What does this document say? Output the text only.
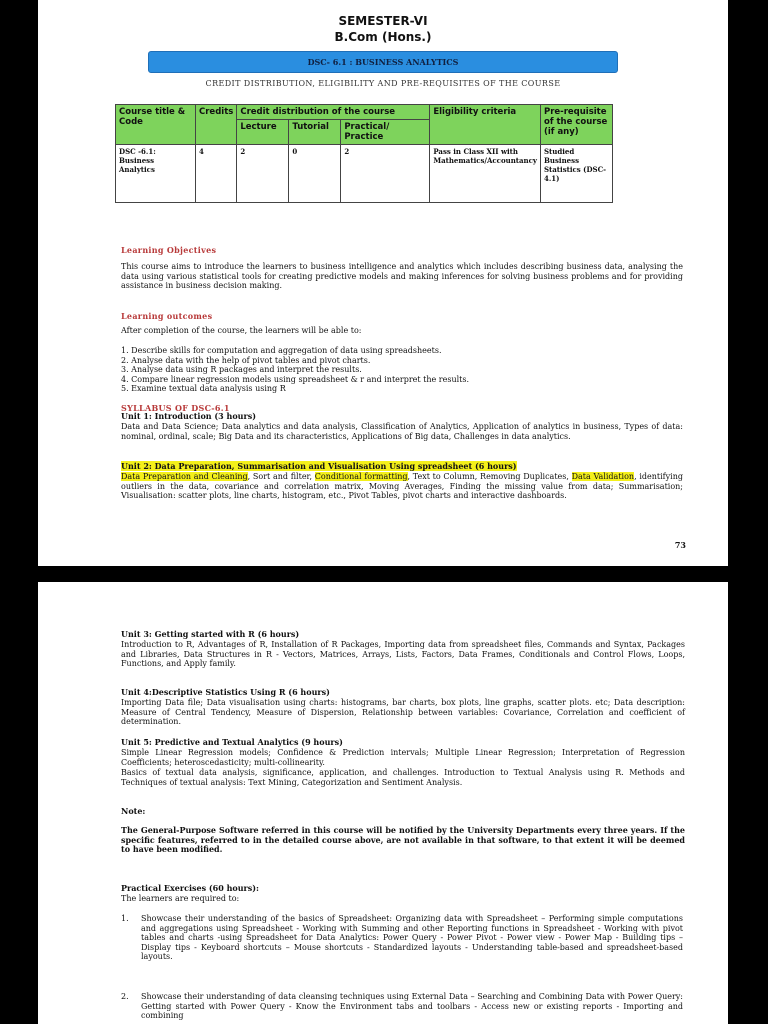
SEMESTER-VI
B.Com (Hons.)
DSC- 6.1 : BUSINESS ANALYTICS
CREDIT DISTRIBUTION, ELIGIBILITY AND PRE-REQUISITES OF THE COURSE
Course title & Code	Credits	Credit distribution of the course			Eligibility criteria	Pre-requisite of the course (if any)
		Lecture	Tutorial	Practical/ Practice		
DSC -6.1: Business Analytics	4	2	0	2	Pass in Class XII with Mathematics/Accountancy	Studied Business Statistics (DSC-4.1)
Learning Objectives
This course aims to introduce the learners to business intelligence and analytics which includes describing business data, analysing the data using various statistical tools for creating predictive models and making inferences for solving business problems and for providing assistance in business decision making.
Learning outcomes
After completion of the course, the learners will be able to:
1. Describe skills for computation and aggregation of data using spreadsheets.
2. Analyse data with the help of pivot tables and pivot charts.
3. Analyse data using R packages and interpret the results.
4. Compare linear regression models using spreadsheet & r and interpret the results.
5. Examine textual data analysis using R
SYLLABUS OF DSC-6.1
Unit 1: Introduction (3 hours)
Data and Data Science; Data analytics and data analysis, Classification of Analytics, Application of analytics in business, Types of data: nominal, ordinal, scale; Big Data and its characteristics, Applications of Big data, Challenges in data analytics.
Unit 2: Data Preparation, Summarisation and Visualisation Using spreadsheet (6 hours)
Data Preparation and Cleaning, Sort and filter, Conditional formatting, Text to Column, Removing Duplicates, Data Validation, identifying outliers in the data, covariance and correlation matrix, Moving Averages, Finding the missing value from data; Summarisation; Visualisation: scatter plots, line charts, histogram, etc., Pivot Tables, pivot charts and interactive dashboards.
73
Unit 3: Getting started with R (6 hours)
Introduction to R, Advantages of R, Installation of R Packages, Importing data from spreadsheet files, Commands and Syntax, Packages and Libraries, Data Structures in R - Vectors, Matrices, Arrays, Lists, Factors, Data Frames, Conditionals and Control Flows, Loops, Functions, and Apply family.
Unit 4:Descriptive Statistics Using R (6 hours)
Importing Data file; Data visualisation using charts: histograms, bar charts, box plots, line graphs, scatter plots. etc; Data description: Measure of Central Tendency, Measure of Dispersion, Relationship between variables: Covariance, Correlation and coefficient of determination.
Unit 5: Predictive and Textual Analytics (9 hours)
Simple Linear Regression models; Confidence & Prediction intervals; Multiple Linear Regression; Interpretation of Regression Coefficients; heteroscedasticity; multi-collinearity.
Basics of textual data analysis, significance, application, and challenges. Introduction to Textual Analysis using R. Methods and Techniques of textual analysis: Text Mining, Categorization and Sentiment Analysis.
Note:
The General-Purpose Software referred in this course will be notified by the University Departments every three years. If the specific features, referred to in the detailed course above, are not available in that software, to that extent it will be deemed to have been modified.
Practical Exercises (60 hours):
The learners are required to:
1. Showcase their understanding of the basics of Spreadsheet: Organizing data with Spreadsheet – Performing simple computations and aggregations using Spreadsheet - Working with Summing and other Reporting functions in Spreadsheet - Working with pivot tables and charts -using Spreadsheet for Data Analytics: Power Query - Power Pivot - Power view - Power Map - Building tips – Display tips - Keyboard shortcuts – Mouse shortcuts - Standardized layouts - Understanding table-based and spreadsheet-based layouts.
2. Showcase their understanding of data cleansing techniques using External Data – Searching and Combining Data with Power Query: Getting started with Power Query - Know the Environment tabs and toolbars - Access new or existing reports - Importing and combining
